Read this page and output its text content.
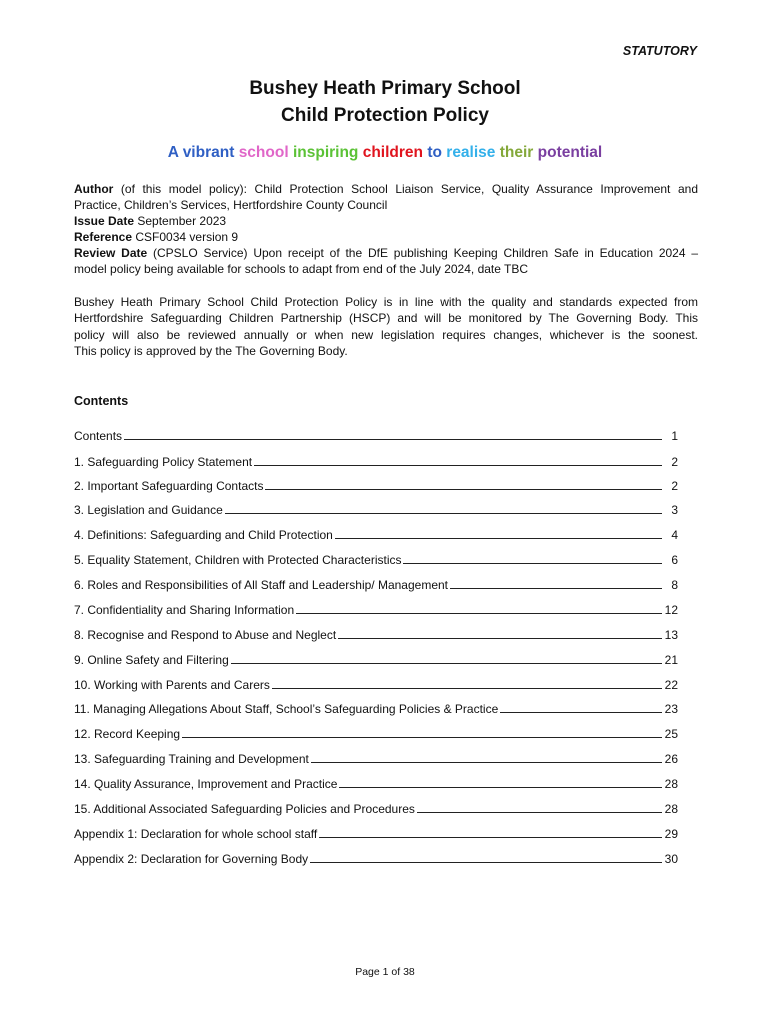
STATUTORY
Bushey Heath Primary School
Child Protection Policy
A vibrant school inspiring children to realise their potential
Author (of this model policy): Child Protection School Liaison Service, Quality Assurance Improvement and
Practice, Children’s Services, Hertfordshire County Council
Issue Date September 2023
Reference CSF0034 version 9
Review Date (CPSLO Service) Upon receipt of the DfE publishing Keeping Children Safe in Education 2024 –
model policy being available for schools to adapt from end of the July 2024, date TBC
Bushey Heath Primary School Child Protection Policy is in line with the quality and standards expected from
Hertfordshire Safeguarding Children Partnership (HSCP) and will be monitored by The Governing Body. This
policy will also be reviewed annually or when new legislation requires changes, whichever is the soonest.
This policy is approved by the The Governing Body.
Contents
Contents	1
1. Safeguarding Policy Statement	2
2. Important Safeguarding Contacts	2
3. Legislation and Guidance	3
4. Definitions: Safeguarding and Child Protection	4
5. Equality Statement, Children with Protected Characteristics	6
6. Roles and Responsibilities of All Staff and Leadership/ Management	8
7. Confidentiality and Sharing Information	12
8. Recognise and Respond to Abuse and Neglect	13
9. Online Safety and Filtering	21
10. Working with Parents and Carers	22
11. Managing Allegations About Staff, School’s Safeguarding Policies & Practice	23
12. Record Keeping	25
13. Safeguarding Training and Development	26
14. Quality Assurance, Improvement and Practice	28
15. Additional Associated Safeguarding Policies and Procedures	28
Appendix 1: Declaration for whole school staff	29
Appendix 2: Declaration for Governing Body	30
Page 1 of 38
